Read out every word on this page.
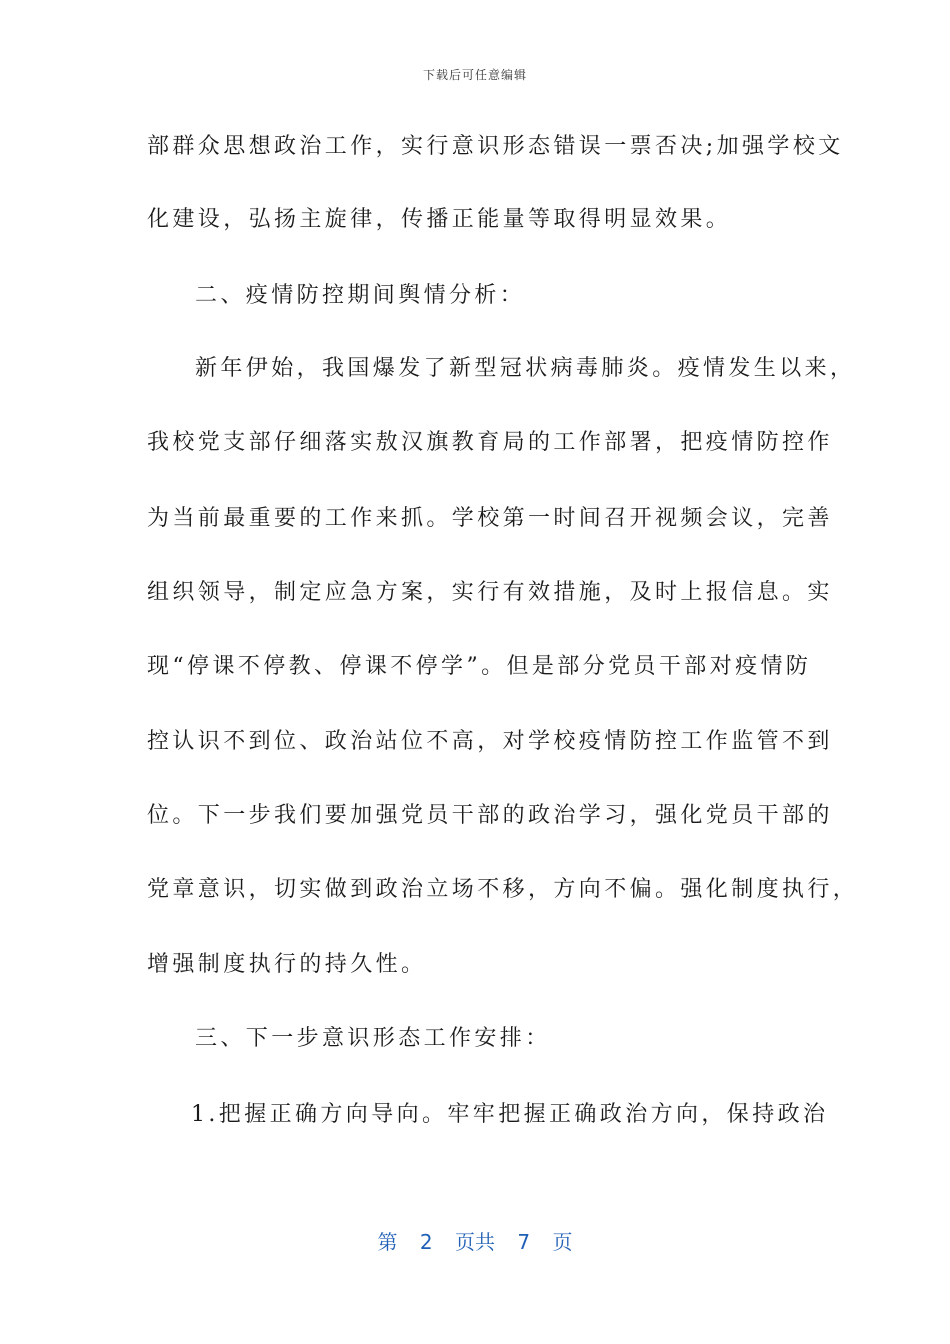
下载后可任意编辑
部群众思想政治工作，实行意识形态错误一票否决;加强学校文
化建设，弘扬主旋律，传播正能量等取得明显效果。
二、疫情防控期间舆情分析：
新年伊始，我国爆发了新型冠状病毒肺炎。疫情发生以来，
我校党支部仔细落实敖汉旗教育局的工作部署，把疫情防控作
为当前最重要的工作来抓。学校第一时间召开视频会议，完善
组织领导，制定应急方案，实行有效措施，及时上报信息。实
现“停课不停教、停课不停学”。但是部分党员干部对疫情防
控认识不到位、政治站位不高，对学校疫情防控工作监管不到
位。下一步我们要加强党员干部的政治学习，强化党员干部的
党章意识，切实做到政治立场不移，方向不偏。强化制度执行，
增强制度执行的持久性。
三、下一步意识形态工作安排：
1.把握正确方向导向。牢牢把握正确政治方向，保持政治
第 2 页共 7 页
